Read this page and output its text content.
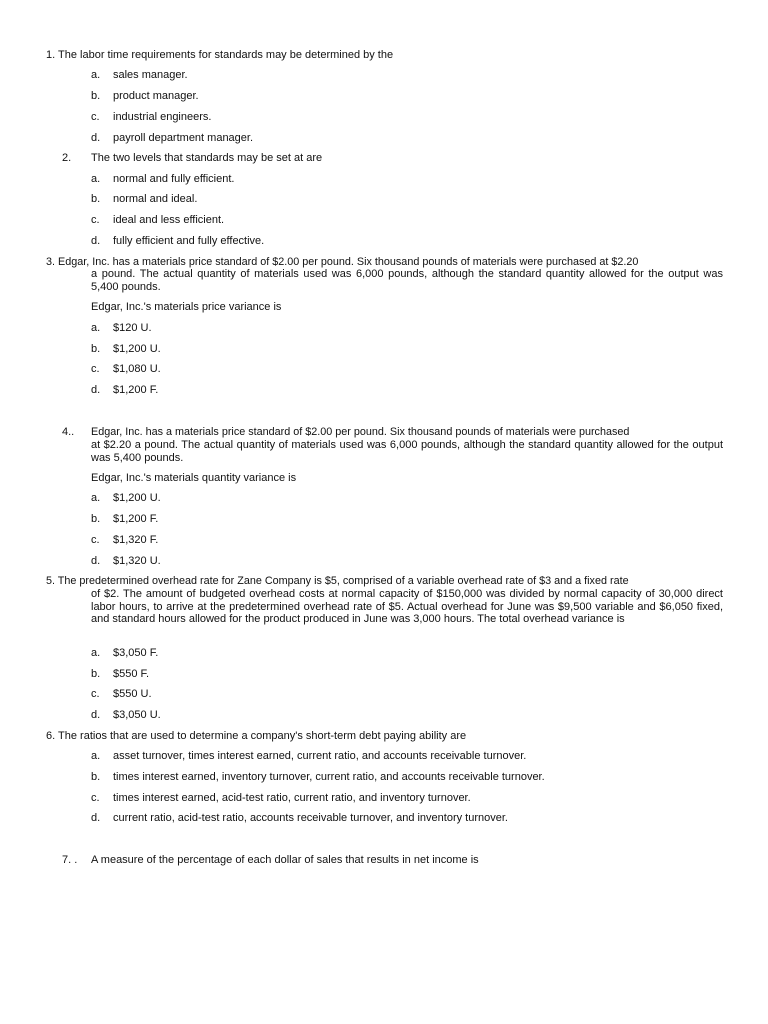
1. The labor time requirements for standards may be determined by the
a. sales manager.
b. product manager.
c. industrial engineers.
d. payroll department manager.
2. The two levels that standards may be set at are
a. normal and fully efficient.
b. normal and ideal.
c. ideal and less efficient.
d. fully efficient and fully effective.
3. Edgar, Inc. has a materials price standard of $2.00 per pound. Six thousand pounds of materials were purchased at $2.20
a pound. The actual quantity of materials used was 6,000 pounds, although the standard quantity allowed for the output was 5,400 pounds.
Edgar, Inc.'s materials price variance is
a. $120 U.
b. $1,200 U.
c. $1,080 U.
d. $1,200 F.
4.. Edgar, Inc. has a materials price standard of $2.00 per pound. Six thousand pounds of materials were purchased
at $2.20 a pound. The actual quantity of materials used was 6,000 pounds, although the standard quantity allowed for the output was 5,400 pounds.
Edgar, Inc.'s materials quantity variance is
a. $1,200 U.
b. $1,200 F.
c. $1,320 F.
d. $1,320 U.
5. The predetermined overhead rate for Zane Company is $5, comprised of a variable overhead rate of $3 and a fixed rate
of $2. The amount of budgeted overhead costs at normal capacity of $150,000 was divided by normal capacity of 30,000 direct labor hours, to arrive at the predetermined overhead rate of $5. Actual overhead for June was $9,500 variable and $6,050 fixed, and standard hours allowed for the product produced in June was 3,000 hours. The total overhead variance is
a. $3,050 F.
b. $550 F.
c. $550 U.
d. $3,050 U.
6. The ratios that are used to determine a company's short-term debt paying ability are
a. asset turnover, times interest earned, current ratio, and accounts receivable turnover.
b. times interest earned, inventory turnover, current ratio, and accounts receivable turnover.
c. times interest earned, acid-test ratio, current ratio, and inventory turnover.
d. current ratio, acid-test ratio, accounts receivable turnover, and inventory turnover.
7. . A measure of the percentage of each dollar of sales that results in net income is
